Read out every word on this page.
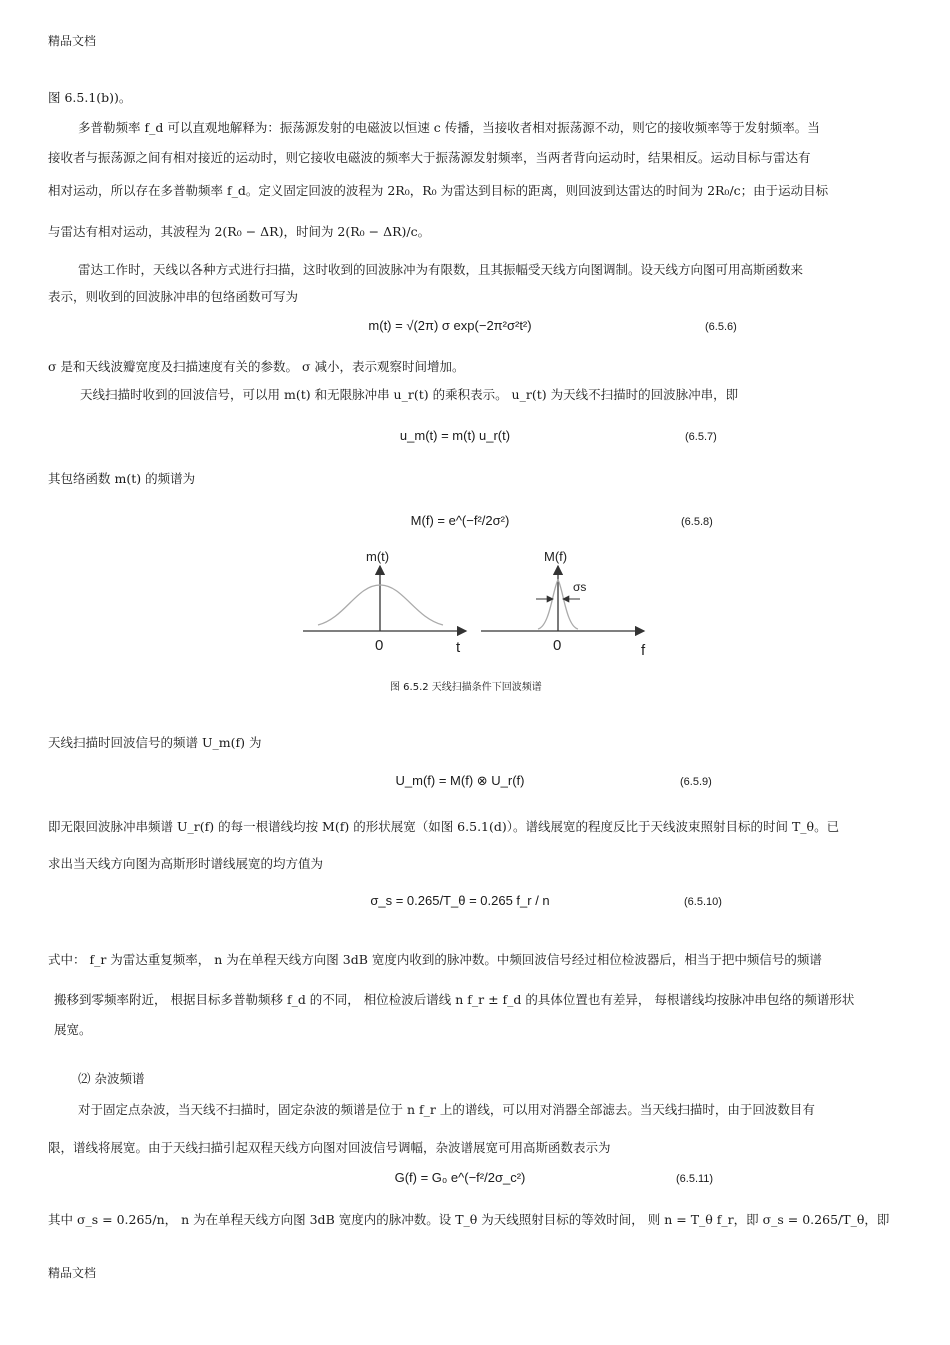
精品文档
图 6.5.1(b))。
多普勒频率 f_d 可以直观地解释为：振荡源发射的电磁波以恒速 c 传播，当接收者相对振荡源不动，则它的接收频率等于发射频率。当
接收者与振荡源之间有相对接近的运动时，则它接收电磁波的频率大于振荡源发射频率，当两者背向运动时，结果相反。运动目标与雷达有
相对运动，所以存在多普勒频率 f_d。定义固定回波的波程为 2R₀，R₀ 为雷达到目标的距离，则回波到达雷达的时间为 2R₀/c；由于运动目标
与雷达有相对运动，其波程为 2(R₀ − ΔR)，时间为 2(R₀ − ΔR)/c。
雷达工作时，天线以各种方式进行扫描，这时收到的回波脉冲为有限数，且其振幅受天线方向图调制。设天线方向图可用高斯函数来
表示，则收到的回波脉冲串的包络函数可写为
m(t) = √(2π) σ exp(−2π²σ²t²)	(6.5.6)
σ 是和天线波瓣宽度及扫描速度有关的参数。 σ 减小，表示观察时间增加。
天线扫描时收到的回波信号，可以用 m(t) 和无限脉冲串 u_r(t) 的乘积表示。 u_r(t) 为天线不扫描时的回波脉冲串，即
u_m(t) = m(t) u_r(t)	(6.5.7)
其包络函数 m(t) 的频谱为
M(f) = e^(−f²/2σ²)	(6.5.8)
m(t)
0	t
σs
M(f)
0	f
图 6.5.2 天线扫描条件下回波频谱
天线扫描时回波信号的频谱 U_m(f) 为
U_m(f) = M(f) ⊗ U_r(f)	(6.5.9)
即无限回波脉冲串频谱 U_r(f) 的每一根谱线均按 M(f) 的形状展宽（如图 6.5.1(d)）。谱线展宽的程度反比于天线波束照射目标的时间 T_θ。已
求出当天线方向图为高斯形时谱线展宽的均方值为
σ_s = 0.265/T_θ = 0.265 f_r / n	(6.5.10)
式中： f_r 为雷达重复频率， n 为在单程天线方向图 3dB 宽度内收到的脉冲数。中频回波信号经过相位检波器后，相当于把中频信号的频谱
搬移到零频率附近， 根据目标多普勒频移 f_d 的不同， 相位检波后谱线 n f_r ± f_d 的具体位置也有差异， 每根谱线均按脉冲串包络的频谱形状
展宽。
⑵ 杂波频谱
对于固定点杂波，当天线不扫描时，固定杂波的频谱是位于 n f_r 上的谱线，可以用对消器全部滤去。当天线扫描时，由于回波数目有
限，谱线将展宽。由于天线扫描引起双程天线方向图对回波信号调幅，杂波谱展宽可用高斯函数表示为
G(f) = G₀ e^(−f²/2σ_c²)	(6.5.11)
其中 σ_s = 0.265/n， n 为在单程天线方向图 3dB 宽度内的脉冲数。设 T_θ 为天线照射目标的等效时间， 则 n = T_θ f_r，即 σ_s = 0.265/T_θ，即
精品文档
